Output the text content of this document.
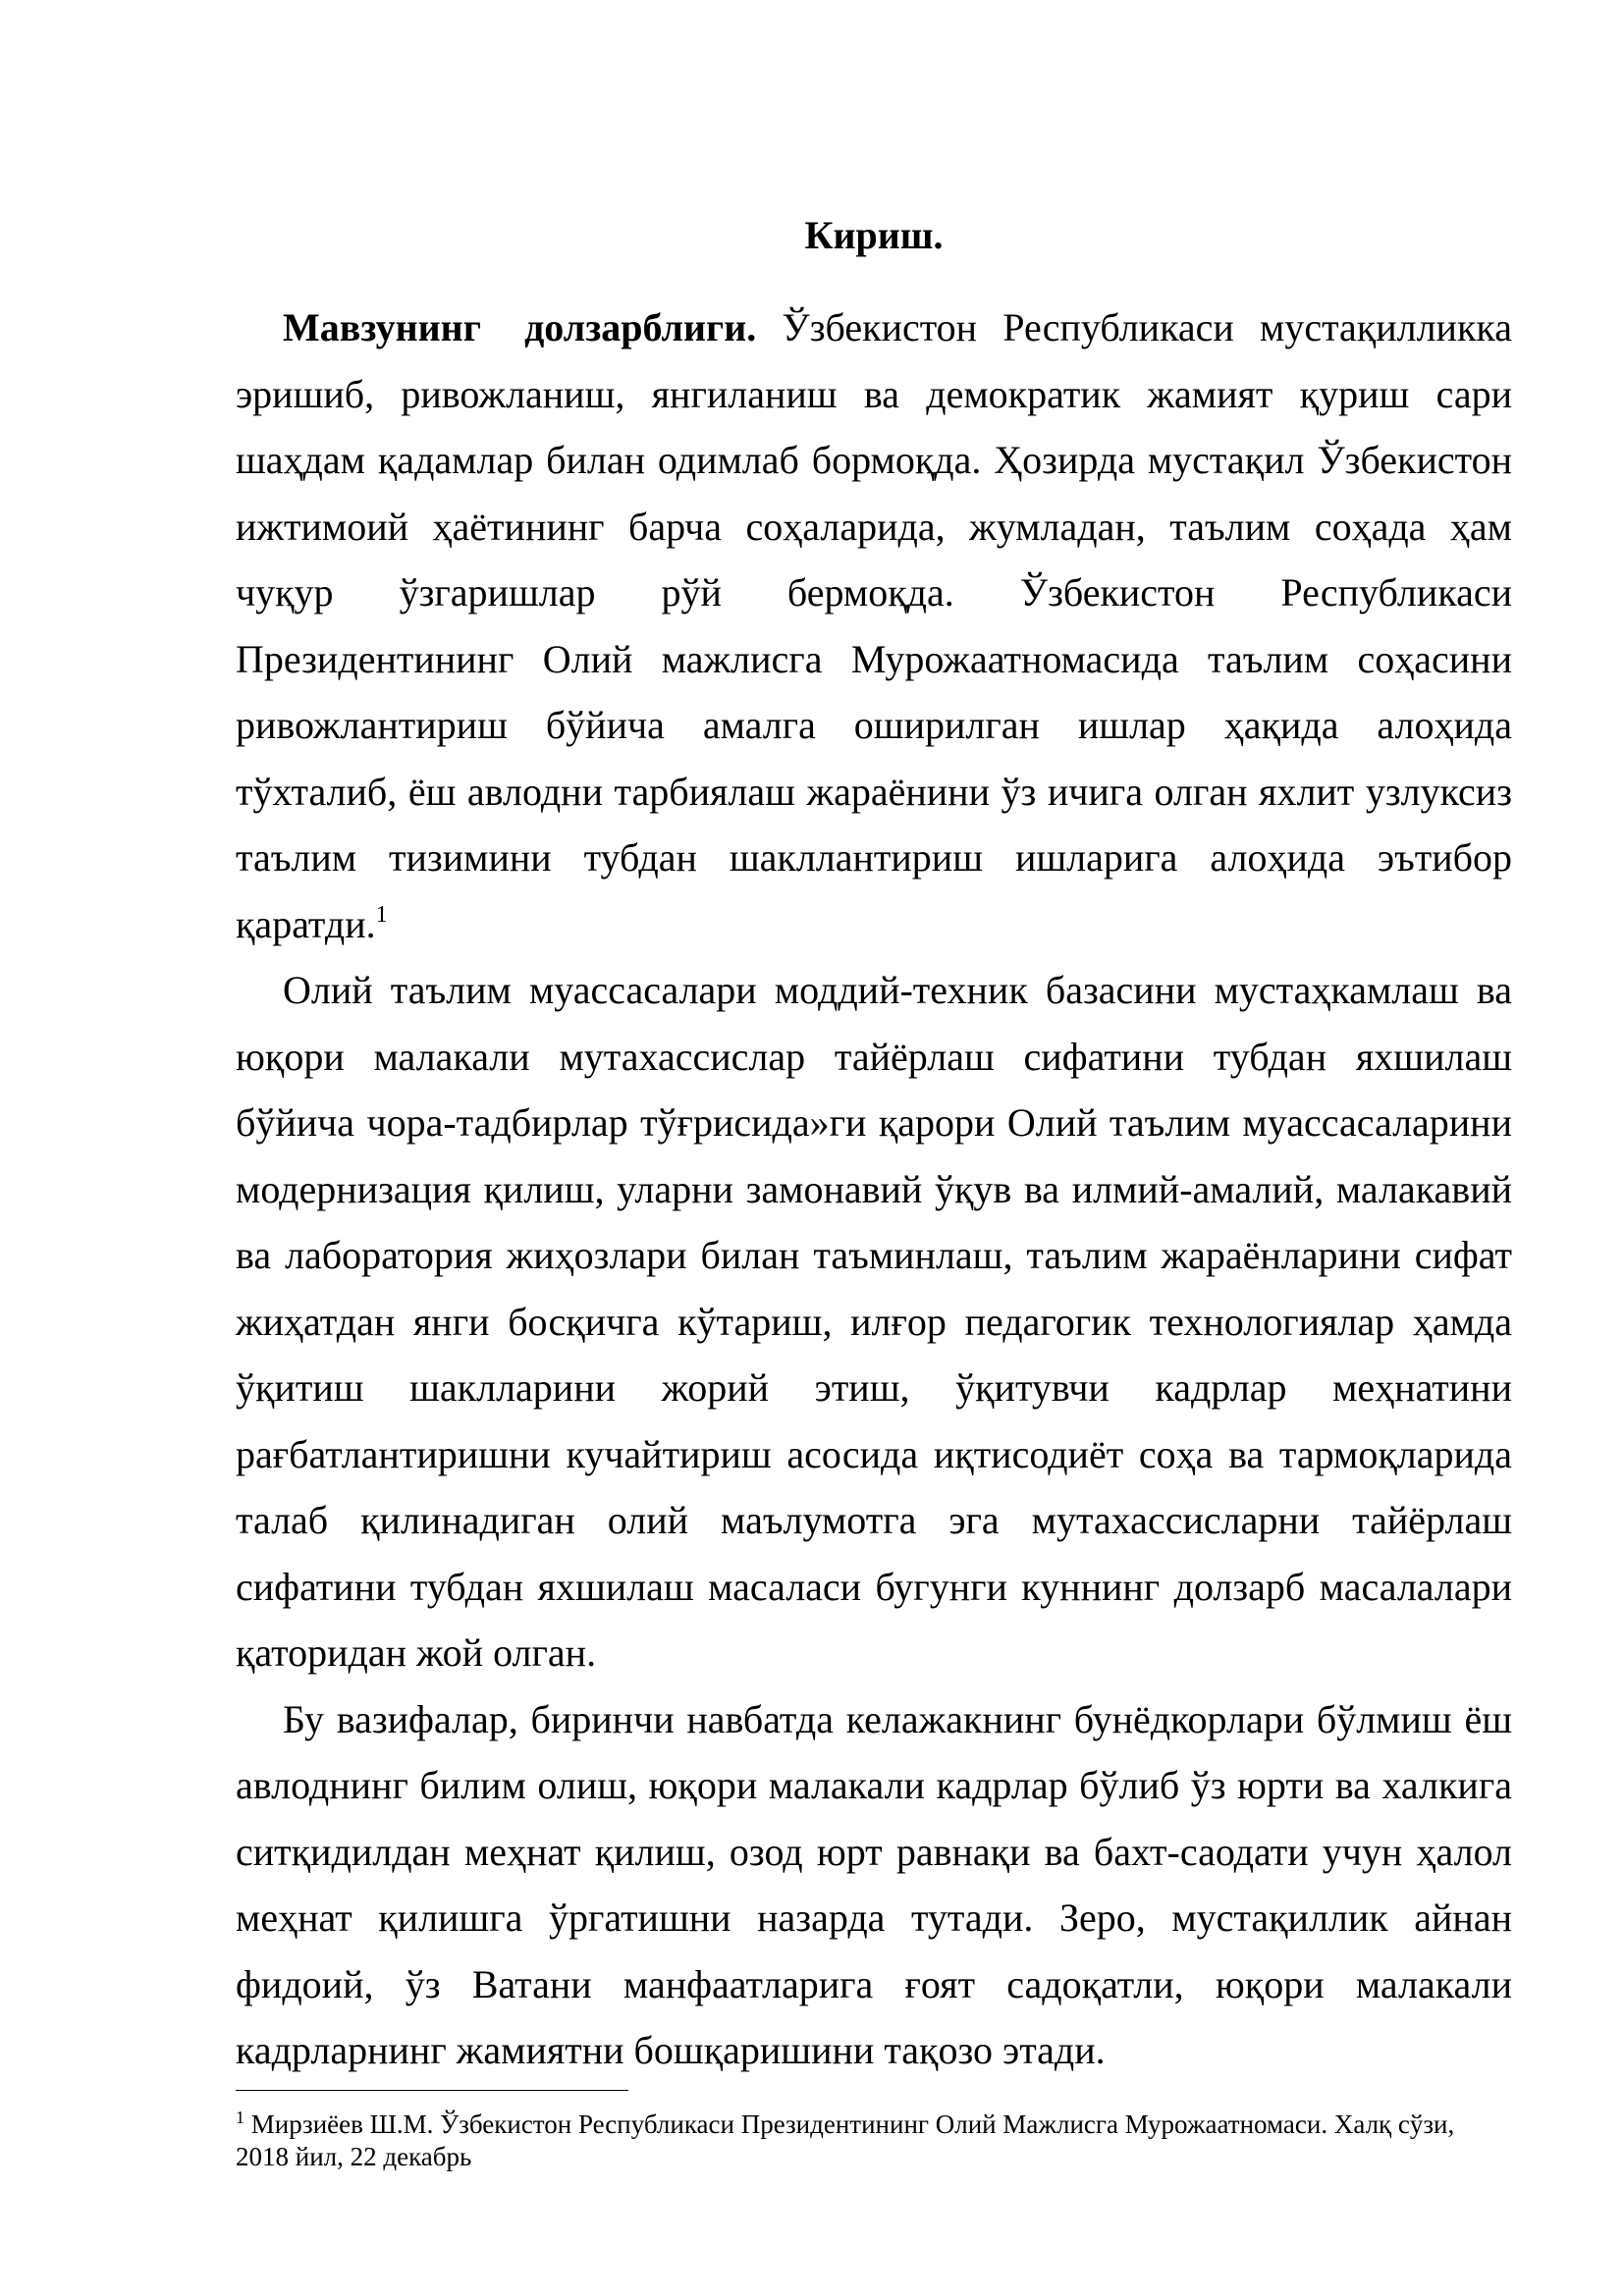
Кириш.

Мавзунинг долзарблиги. Ўзбекистон Республикаси мустақилликка эришиб, ривожланиш, янгиланиш ва демократик жамият қуриш сари шаҳдам қадамлар билан одимлаб бормоқда. Ҳозирда мустақил Ўзбекистон ижтимоий ҳаётининг барча соҳаларида, жумладан, таълим соҳада ҳам чуқур ўзгаришлар рўй бермоқда. Ўзбекистон Республикаси Президентининг Олий мажлисга Мурожаатномасида таълим соҳасини ривожлантириш бўйича амалга оширилган ишлар ҳақида алоҳида тўхталиб, ёш авлодни тарбиялаш жараёнини ўз ичига олган яхлит узлуксиз таълим тизимини тубдан шакллантириш ишларига алоҳида эътибор қаратди.$^1$

Олий таълим муассасалари моддий-техник базасини мустаҳкамлаш ва юқори малакали мутахассислар тайёрлаш сифатини тубдан яхшилаш бўйича чора-тадбирлар тўғрисида»ги қарори Олий таълим муассасаларини модернизация қилиш, уларни замонавий ўқув ва илмий-амалий, малакавий ва лаборатория жиҳозлари билан таъминлаш, таълим жараёнларини сифат жиҳатдан янги босқичга кўтариш, илғор педагогик технологиялар ҳамда ўқитиш шаклларини жорий этиш, ўқитувчи кадрлар меҳнатини рағбатлантиришни кучайтириш асосида иқтисодиёт соҳа ва тармоқларида талаб қилинадиган олий маълумотга эга мутахассисларни тайёрлаш сифатини тубдан яхшилаш масаласи бугунги куннинг долзарб масалалари қаторидан жой олган.

Бу вазифалар, биринчи навбатда келажакнинг бунёдкорлари бўлмиш ёш авлоднинг билим олиш, юқори малакали кадрлар бўлиб ўз юрти ва халкига ситқидилдан меҳнат қилиш, озод юрт равнақи ва бахт-саодати учун ҳалол меҳнат қилишга ўргатишни назарда тутади. Зеро, мустақиллик айнан фидоий, ўз Ватани манфаатларига ғоят садоқатли, юқори малакали кадрларнинг жамиятни бошқаришини тақозо этади.

$^1$ Мирзиёев Ш.М. Ўзбекистон Республикаси Президентининг Олий Мажлисга Мурожаатномаси. Халқ сўзи, 2018 йил, 22 декабрь
